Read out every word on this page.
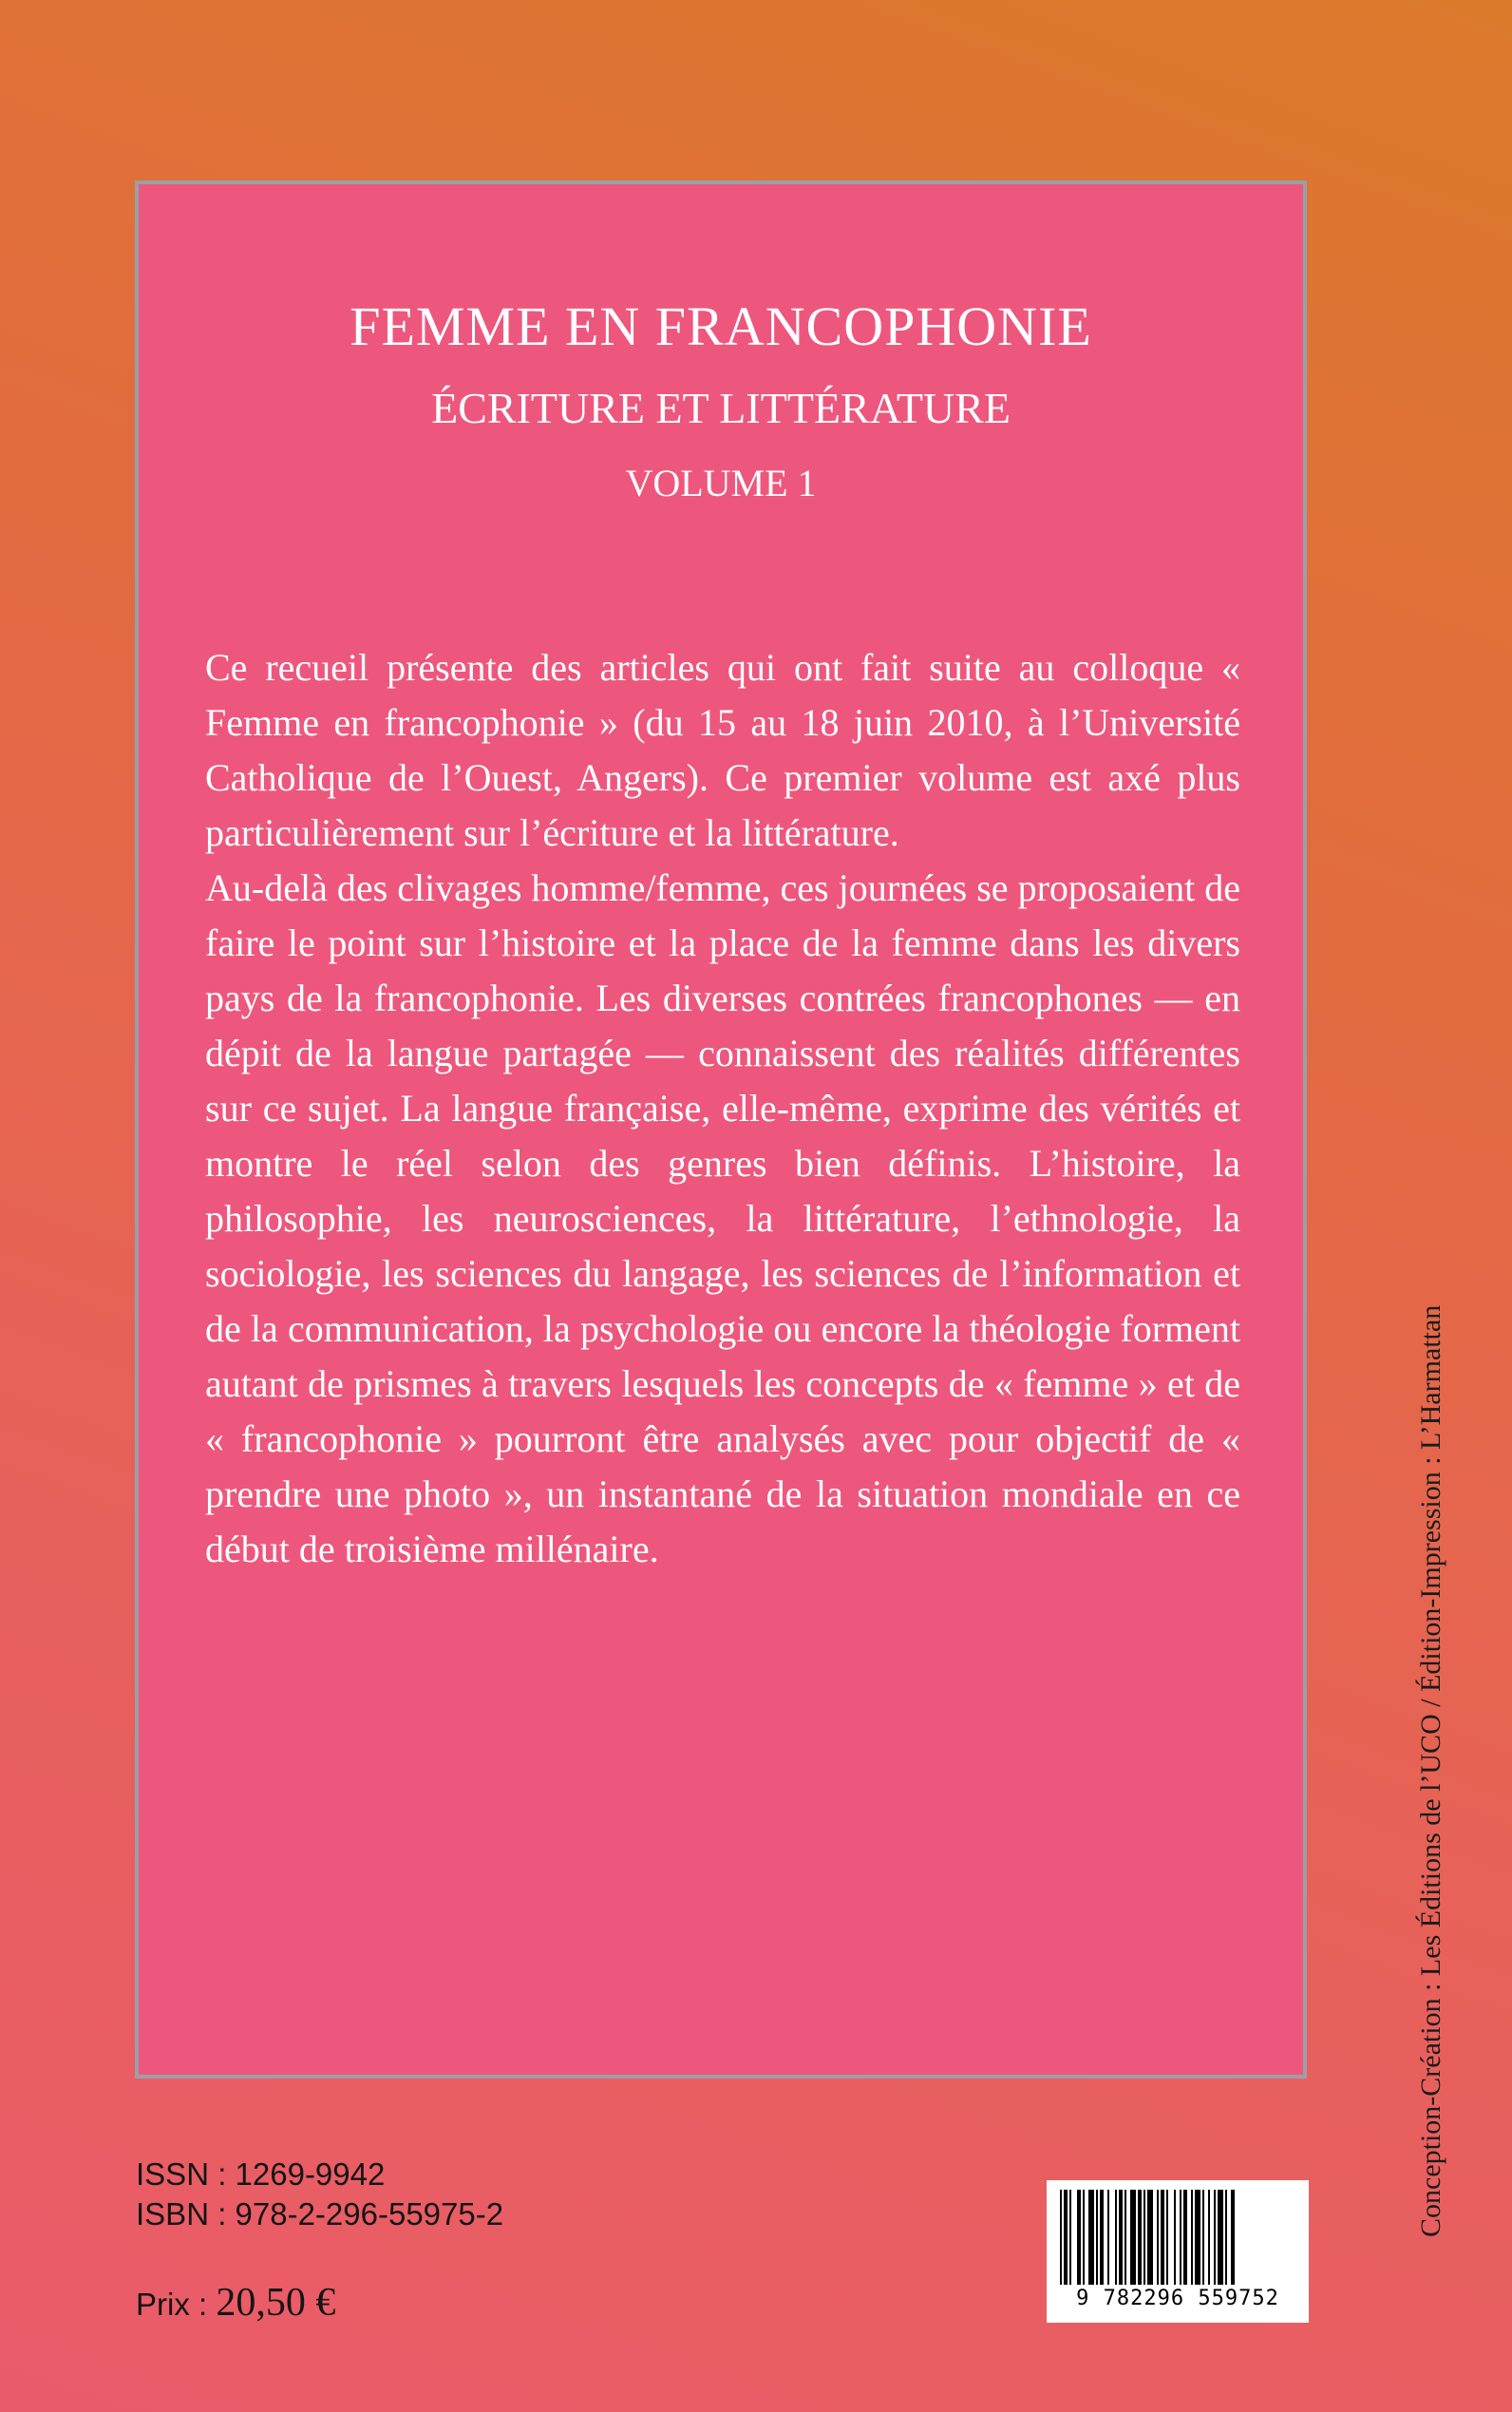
FEMME EN FRANCOPHONIE
ÉCRITURE ET LITTÉRATURE
VOLUME 1

Ce recueil présente des articles qui ont fait suite au colloque « Femme en francophonie » (du 15 au 18 juin 2010, à l’Université Catholique de l’Ouest, Angers). Ce premier volume est axé plus particulièrement sur l’écriture et la littérature.

Au-delà des clivages homme/femme, ces journées se proposaient de faire le point sur l’histoire et la place de la femme dans les divers pays de la francophonie. Les diverses contrées francophones — en dépit de la langue partagée — connaissent des réalités différentes sur ce sujet. La langue française, elle-même, exprime des vérités et montre le réel selon des genres bien définis. L’histoire, la philosophie, les neurosciences, la littérature, l’ethnologie, la sociologie, les sciences du langage, les sciences de l’information et de la communication, la psychologie ou encore la théologie forment autant de prismes à travers lesquels les concepts de « femme » et de « francophonie » pourront être analysés avec pour objectif de « prendre une photo », un instantané de la situation mondiale en ce début de troisième millénaire.	Conception-Création : Les Éditions de l’UCO / Édition-Impression : L’Harmattan
ISSN : 1269-9942
ISBN : 978-2-296-55975-2
Prix : 20,50 €	9 782296 559752
